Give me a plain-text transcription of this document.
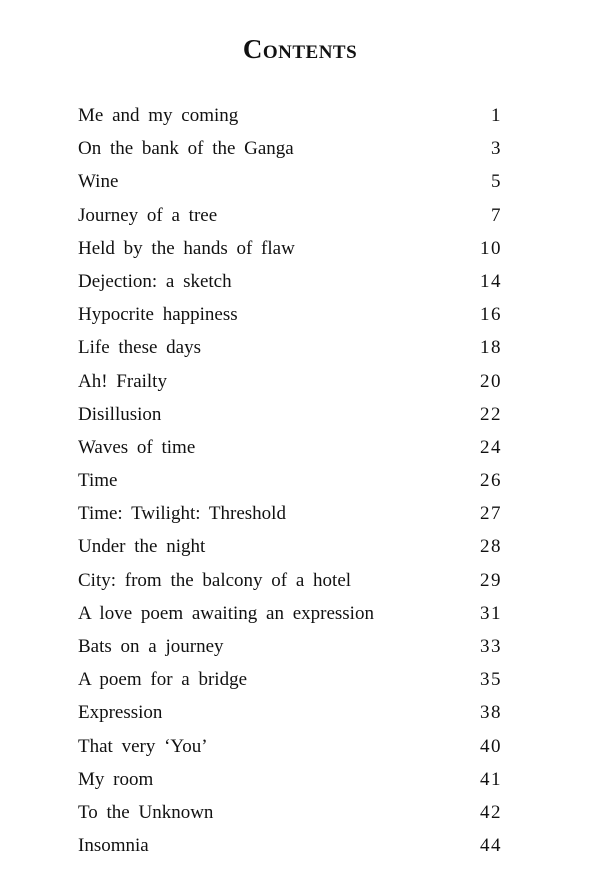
Contents
Me and my coming	1
On the bank of the Ganga	3
Wine	5
Journey of a tree	7
Held by the hands of flaw	10
Dejection: a sketch	14
Hypocrite happiness	16
Life these days	18
Ah! Frailty	20
Disillusion	22
Waves of time	24
Time	26
Time: Twilight: Threshold	27
Under the night	28
City: from the balcony of a hotel	29
A love poem awaiting an expression	31
Bats on a journey	33
A poem for a bridge	35
Expression	38
That very ‘You’	40
My room	41
To the Unknown	42
Insomnia	44
